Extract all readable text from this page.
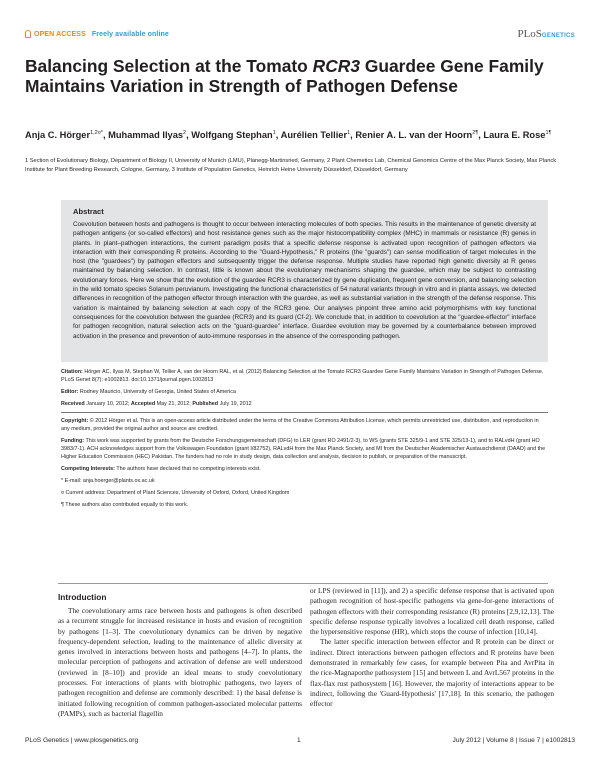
OPEN ACCESS Freely available online	PLoSGENETICS
Balancing Selection at the Tomato RCR3 Guardee Gene Family Maintains Variation in Strength of Pathogen Defense
Anja C. Hörger$^{1,2¤*}$, Muhammad Ilyas$^2$, Wolfgang Stephan$^1$, Aurélien Tellier$^1$, Renier A. L. van der Hoorn$^{2\P}$, Laura E. Rose$^{1\P}$
1 Section of Evolutionary Biology, Department of Biology II, University of Munich (LMU), Planegg-Martinsried, Germany, 2 Plant Chemetics Lab, Chemical Genomics Centre of the Max Planck Society, Max Planck Institute for Plant Breeding Research, Cologne, Germany, 3 Institute of Population Genetics, Heinrich Heine University Düsseldorf, Düsseldorf, Germany
Abstract
Coevolution between hosts and pathogens is thought to occur between interacting molecules of both species. This results in the maintenance of genetic diversity at pathogen antigens (or so-called effectors) and host resistance genes such as the major histocompatibility complex (MHC) in mammals or resistance (R) genes in plants. In plant–pathogen interactions, the current paradigm posits that a specific defense response is activated upon recognition of pathogen effectors via interaction with their corresponding R proteins. According to the "Guard-Hypothesis," R proteins (the "guards") can sense modification of target molecules in the host (the "guardees") by pathogen effectors and subsequently trigger the defense response. Multiple studies have reported high genetic diversity at R genes maintained by balancing selection. In contrast, little is known about the evolutionary mechanisms shaping the guardee, which may be subject to contrasting evolutionary forces. Here we show that the evolution of the guardee RCR3 is characterized by gene duplication, frequent gene conversion, and balancing selection in the wild tomato species Solanum peruvianum. Investigating the functional characteristics of 54 natural variants through in vitro and in planta assays, we detected differences in recognition of the pathogen effector through interaction with the guardee, as well as substantial variation in the strength of the defense response. This variation is maintained by balancing selection at each copy of the RCR3 gene. Our analyses pinpoint three amino acid polymorphisms with key functional consequences for the coevolution between the guardee (RCR3) and its guard (Cf-2). We conclude that, in addition to coevolution at the "guardee-effector" interface for pathogen recognition, natural selection acts on the "guard-guardee" interface. Guardee evolution may be governed by a counterbalance between improved activation in the presence and prevention of auto-immune responses in the absence of the corresponding pathogen.

Citation: Hörger AC, Ilyas M, Stephan W, Tellier A, van der Hoorn RAL, et al. (2012) Balancing Selection at the Tomato RCR3 Guardee Gene Family Maintains Variation in Strength of Pathogen Defense. PLoS Genet 8(7): e1002813. doi:10.1371/journal.pgen.1002813

Editor: Rodney Mauricio, University of Georgia, United States of America

Received January 10, 2012; Accepted May 21, 2012; Published July 19, 2012

Copyright: © 2012 Hörger et al. This is an open-access article distributed under the terms of the Creative Commons Attribution License, which permits unrestricted use, distribution, and reproduction in any medium, provided the original author and source are credited.

Funding: This work was supported by grants from the Deutsche Forschungsgemeinschaft (DFG) to LER (grant RO 2491/2-3), to WS (grants STE 325/9-1 and STE 325/13-1), and to RALvdH (grant HO 3983/7-1). ACH acknowledges support from the Volkswagen Foundation (grant I/82752), RALvdH from the Max Planck Society, and MI from the Deutscher Akademischer Austauschdienst (DAAD) and the Higher Education Commission (HEC) Pakistan. The funders had no role in study design, data collection and analysis, decision to publish, or preparation of the manuscript.

Competing Interests: The authors have declared that no competing interests exist.

* E-mail: anja.hoerger@plants.ox.ac.uk

¤ Current address: Department of Plant Sciences, University of Oxford, Oxford, United Kingdom

¶ These authors also contributed equally to this work.

Introduction

The coevolutionary arms race between hosts and pathogens is often described as a recurrent struggle for increased resistance in hosts and evasion of recognition by pathogens [1–3]. The coevolutionary dynamics can be driven by negative frequency-dependent selection, leading to the maintenance of allelic diversity at genes involved in interactions between hosts and pathogens [4–7]. In plants, the molecular perception of pathogens and activation of defense are well understood (reviewed in [8–10]) and provide an ideal means to study coevolutionary processes. For interactions of plants with biotrophic pathogens, two layers of pathogen recognition and defense are commonly described: 1) the basal defense is initiated following recognition of common pathogen-associated molecular patterns (PAMPs), such as bacterial flagellin

or LPS (reviewed in [11]), and 2) a specific defense response that is activated upon pathogen recognition of host-specific pathogens via gene-for-gene interactions of pathogen effectors with their corresponding resistance (R) proteins [2,9,12,13]. The specific defense response typically involves a localized cell death response, called the hypersensitive response (HR), which stops the course of infection [10,14].

The latter specific interaction between effector and R protein can be direct or indirect. Direct interactions between pathogen effectors and R proteins have been demonstrated in remarkably few cases, for example between Pita and AvrPita in the rice-Magnaporthe pathosystem [15] and between L and AvrL567 proteins in the flax-flax rust pathosystem [16]. However, the majority of interactions appear to be indirect, following the 'Guard-Hypothesis' [17,18]. In this scenario, the pathogen effector

PLoS Genetics | www.plosgenetics.org	1	July 2012 | Volume 8 | Issue 7 | e1002813
